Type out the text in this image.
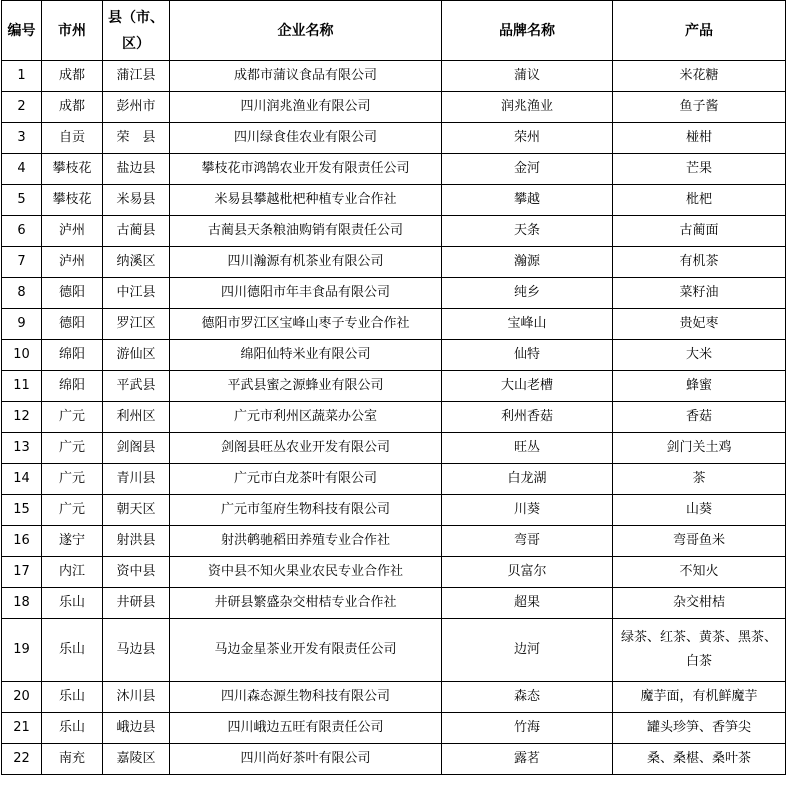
编号	市州	县（市、区）	企业名称	品牌名称	产品
1	成都	蒲江县	成都市蒲议食品有限公司	蒲议	米花糖
2	成都	彭州市	四川润兆渔业有限公司	润兆渔业	鱼子酱
3	自贡	荣　县	四川绿食佳农业有限公司	荣州	椪柑
4	攀枝花	盐边县	攀枝花市鸿鹄农业开发有限责任公司	金河	芒果
5	攀枝花	米易县	米易县攀越枇杷种植专业合作社	攀越	枇杷
6	泸州	古蔺县	古蔺县天条粮油购销有限责任公司	天条	古蔺面
7	泸州	纳溪区	四川瀚源有机茶业有限公司	瀚源	有机茶
8	德阳	中江县	四川德阳市年丰食品有限公司	纯乡	菜籽油
9	德阳	罗江区	德阳市罗江区宝峰山枣子专业合作社	宝峰山	贵妃枣
10	绵阳	游仙区	绵阳仙特米业有限公司	仙特	大米
11	绵阳	平武县	平武县蜜之源蜂业有限公司	大山老槽	蜂蜜
12	广元	利州区	广元市利州区蔬菜办公室	利州香菇	香菇
13	广元	剑阁县	剑阁县旺丛农业开发有限公司	旺丛	剑门关土鸡
14	广元	青川县	广元市白龙茶叶有限公司	白龙湖	茶
15	广元	朝天区	广元市玺府生物科技有限公司	川葵	山葵
16	遂宁	射洪县	射洪鹌驰稻田养殖专业合作社	弯哥	弯哥鱼米
17	内江	资中县	资中县不知火果业农民专业合作社	贝富尔	不知火
18	乐山	井研县	井研县繁盛杂交柑桔专业合作社	超果	杂交柑桔
19	乐山	马边县	马边金星茶业开发有限责任公司	边河	绿茶、红茶、黄茶、黑茶、白茶
20	乐山	沐川县	四川森态源生物科技有限公司	森态	魔芋面，有机鲜魔芋
21	乐山	峨边县	四川峨边五旺有限责任公司	竹海	罐头珍笋、香笋尖
22	南充	嘉陵区	四川尚好茶叶有限公司	露茗	桑、桑椹、桑叶茶
